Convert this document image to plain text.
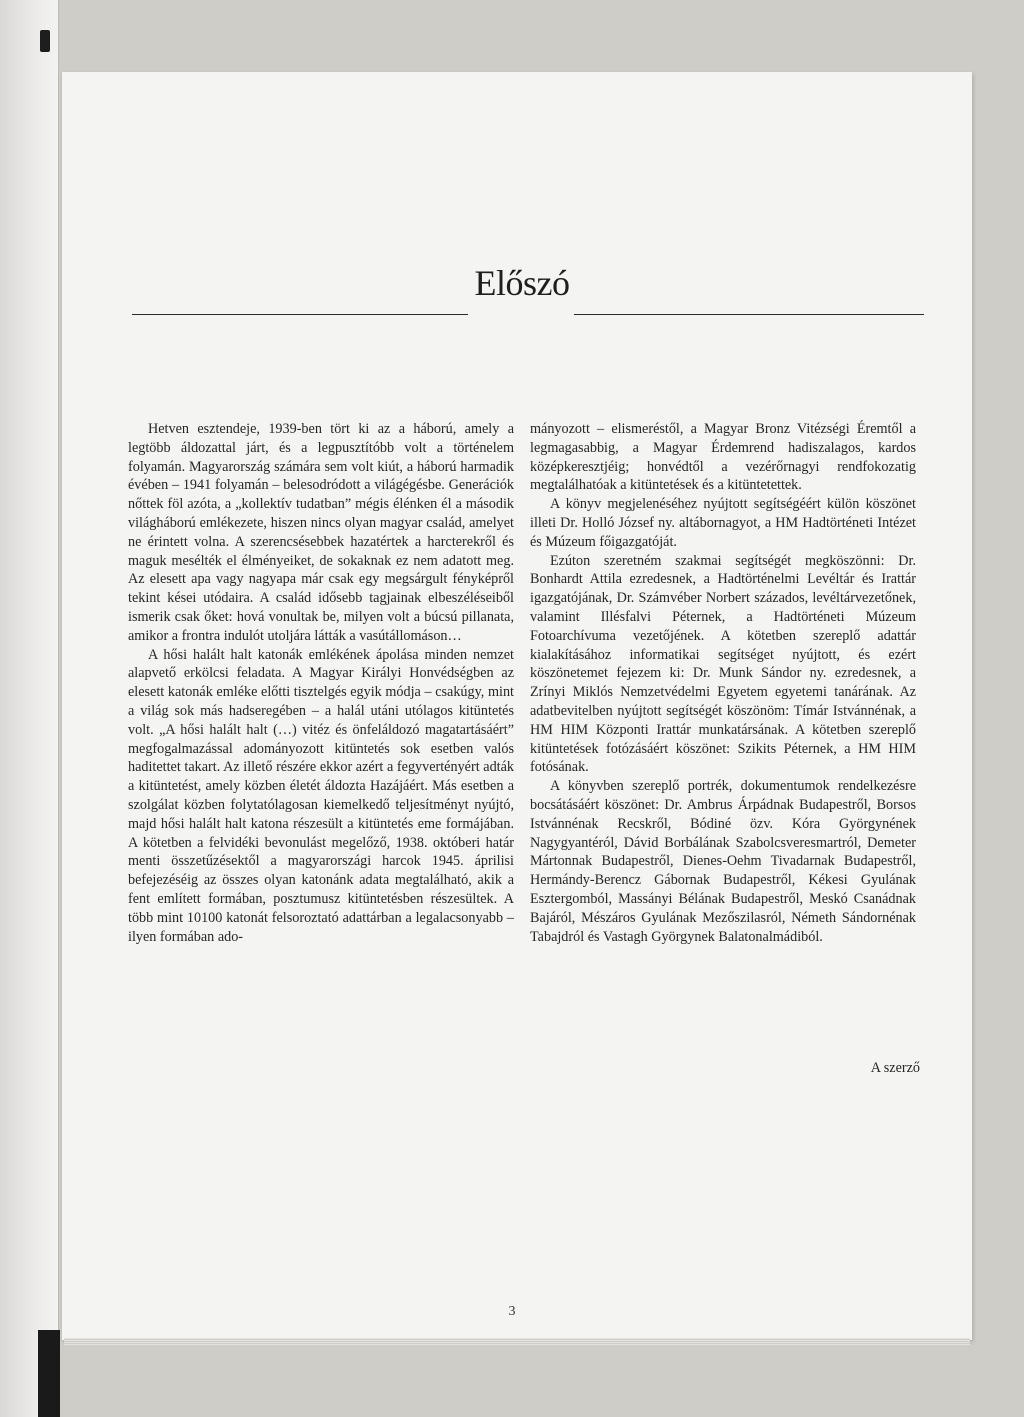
Előszó

Hetven esztendeje, 1939-ben tört ki az a háború, amely a legtöbb áldozattal járt, és a legpusztítóbb volt a történelem folyamán. Magyarország számára sem volt kiút, a háború harmadik évében – 1941 folyamán – belesodródott a világégésbe. Generációk nőttek föl azóta, a „kollektív tudatban” mégis élénken él a második világháború emlékezete, hiszen nincs olyan magyar család, amelyet ne érintett volna. A szerencsésebbek hazatértek a harcterekről és maguk mesélték el élményeiket, de sokaknak ez nem adatott meg. Az elesett apa vagy nagyapa már csak egy megsárgult fényképről tekint kései utódaira. A család idősebb tagjainak elbeszéléseiből ismerik csak őket: hová vonultak be, milyen volt a búcsú pillanata, amikor a frontra indulót utoljára látták a vasútállomáson…

A hősi halált halt katonák emlékének ápolása minden nemzet alapvető erkölcsi feladata. A Magyar Királyi Honvédségben az elesett katonák emléke előtti tisztelgés egyik módja – csakúgy, mint a világ sok más hadseregében – a halál utáni utólagos kitüntetés volt. „A hősi halált halt (…) vitéz és önfeláldozó magatartásáért” megfogalmazással adományozott kitüntetés sok esetben valós haditettet takart. Az illető részére ekkor azért a fegyvertényért adták a kitüntetést, amely közben életét áldozta Hazájáért. Más esetben a szolgálat közben folytatólagosan kiemelkedő teljesítményt nyújtó, majd hősi halált halt katona részesült a kitüntetés eme formájában. A kötetben a felvidéki bevonulást megelőző, 1938. októberi határ menti összetűzésektől a magyarországi harcok 1945. áprilisi befejezéséig az összes olyan katonánk adata megtalálható, akik a fent említett formában, posztumusz kitüntetésben részesültek. A több mint 10100 katonát felsoroztató adattárban a legalacsonyabb – ilyen formában ado-

mányozott – elismeréstől, a Magyar Bronz Vitézségi Éremtől a legmagasabbig, a Magyar Érdemrend hadiszalagos, kardos középkeresztjéig; honvédtől a vezérőrnagyi rendfokozatig megtalálhatóak a kitüntetések és a kitüntetettek.

A könyv megjelenéséhez nyújtott segítségéért külön köszönet illeti Dr. Holló József ny. altábornagyot, a HM Hadtörténeti Intézet és Múzeum főigazgatóját.

Ezúton szeretném szakmai segítségét megköszönni: Dr. Bonhardt Attila ezredesnek, a Hadtörténelmi Levéltár és Irattár igazgatójának, Dr. Számvéber Norbert százados, levéltárvezetőnek, valamint Illésfalvi Péternek, a Hadtörténeti Múzeum Fotoarchívuma vezetőjének. A kötetben szereplő adattár kialakításához informatikai segítséget nyújtott, és ezért köszönetemet fejezem ki: Dr. Munk Sándor ny. ezredesnek, a Zrínyi Miklós Nemzetvédelmi Egyetem egyetemi tanárának. Az adatbevitelben nyújtott segítségét köszönöm: Tímár Istvánnénak, a HM HIM Központi Irattár munkatársának. A kötetben szereplő kitüntetések fotózásáért köszönet: Szikits Péternek, a HM HIM fotósának.

A könyvben szereplő portrék, dokumentumok rendelkezésre bocsátásáért köszönet: Dr. Ambrus Árpádnak Budapestről, Borsos Istvánnénak Recskről, Bódiné özv. Kóra Györgynének Nagygyantéról, Dávid Borbálának Szabolcsveresmartról, Demeter Mártonnak Budapestről, Dienes-Oehm Tivadarnak Budapestről, Hermándy-Berencz Gábornak Budapestről, Kékesi Gyulának Esztergomból, Massányi Bélának Budapestről, Meskó Csanádnak Bajáról, Mészáros Gyulának Mezőszilasról, Németh Sándornénak Tabajdról és Vastagh Györgynek Balatonalmádiból.

A szerző
3
